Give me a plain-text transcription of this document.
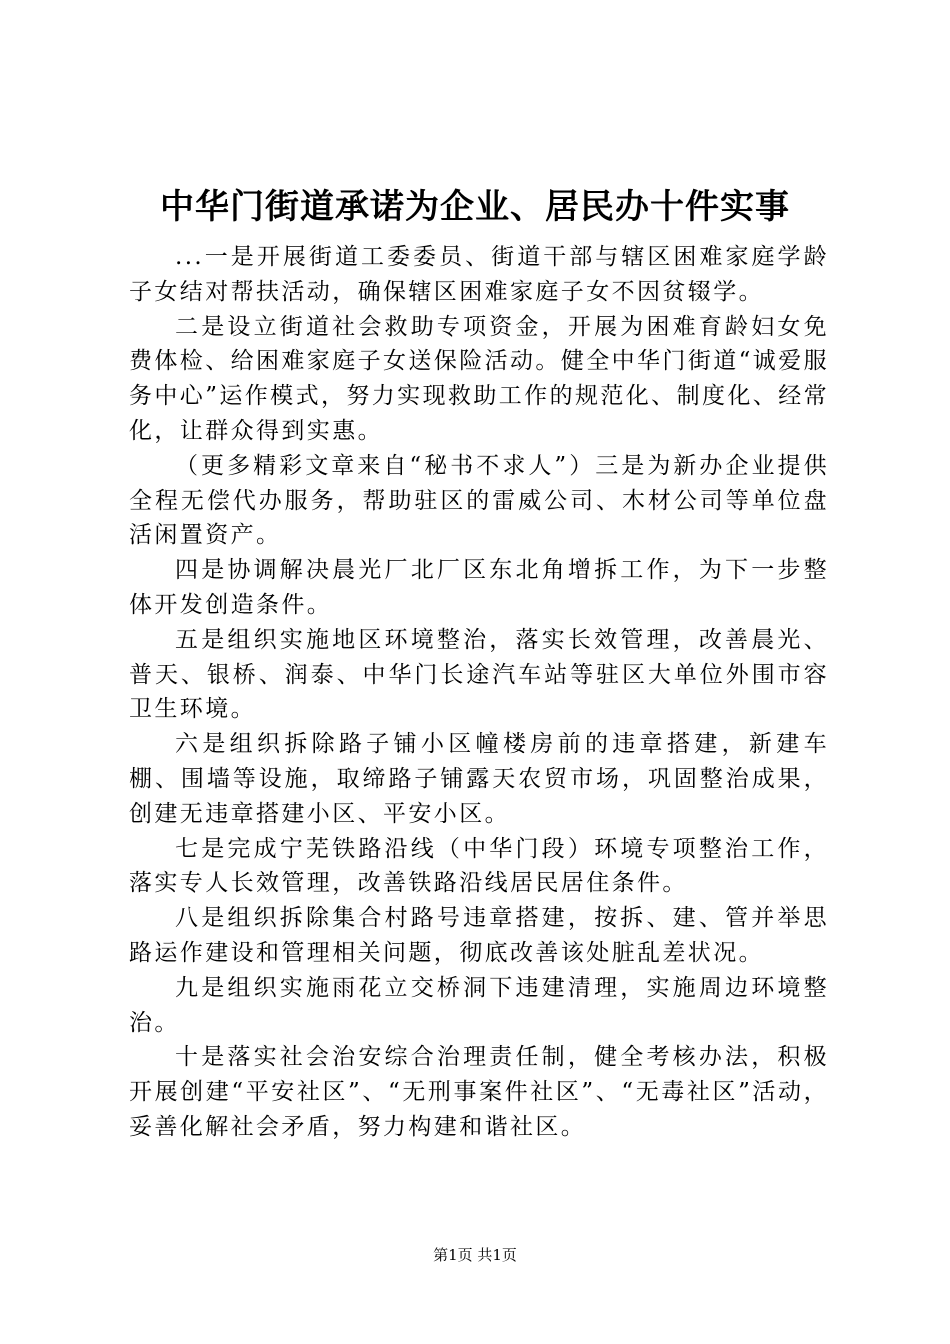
中华门街道承诺为企业、居民办十件实事

...一是开展街道工委委员、街道干部与辖区困难家庭学龄子女结对帮扶活动，确保辖区困难家庭子女不因贫辍学。

二是设立街道社会救助专项资金，开展为困难育龄妇女免费体检、给困难家庭子女送保险活动。健全中华门街道“诚爱服务中心”运作模式，努力实现救助工作的规范化、制度化、经常化，让群众得到实惠。

（更多精彩文章来自“秘书不求人”）三是为新办企业提供全程无偿代办服务，帮助驻区的雷威公司、木材公司等单位盘活闲置资产。

四是协调解决晨光厂北厂区东北角增拆工作，为下一步整体开发创造条件。

五是组织实施地区环境整治，落实长效管理，改善晨光、普天、银桥、润泰、中华门长途汽车站等驻区大单位外围市容卫生环境。

六是组织拆除路子铺小区幢楼房前的违章搭建，新建车棚、围墙等设施，取缔路子铺露天农贸市场，巩固整治成果，创建无违章搭建小区、平安小区。

七是完成宁芜铁路沿线（中华门段）环境专项整治工作，落实专人长效管理，改善铁路沿线居民居住条件。

八是组织拆除集合村路号违章搭建，按拆、建、管并举思路运作建设和管理相关问题，彻底改善该处脏乱差状况。

九是组织实施雨花立交桥洞下违建清理，实施周边环境整治。

十是落实社会治安综合治理责任制，健全考核办法，积极开展创建“平安社区”、“无刑事案件社区”、“无毒社区”活动，妥善化解社会矛盾，努力构建和谐社区。

第1页 共1页
